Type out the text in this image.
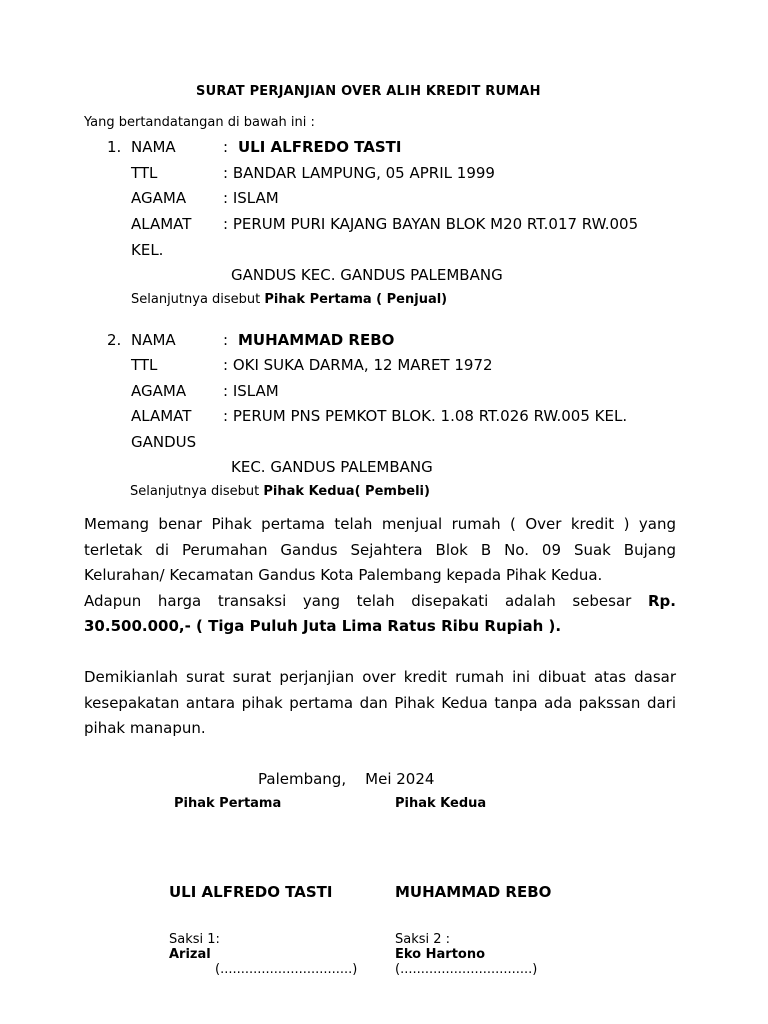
SURAT PERJANJIAN OVER ALIH KREDIT RUMAH
Yang bertandatangan di bawah ini :
1. NAMA	: ULI ALFREDO TASTI
TTL	: BANDAR LAMPUNG, 05 APRIL 1999
AGAMA : ISLAM
ALAMAT : PERUM PURI KAJANG BAYAN BLOK M20 RT.017 RW.005
KEL.
GANDUS KEC. GANDUS PALEMBANG
Selanjutnya disebut Pihak Pertama ( Penjual)
2. NAMA	: MUHAMMAD REBO
TTL	: OKI SUKA DARMA, 12 MARET 1972
AGAMA : ISLAM
ALAMAT : PERUM PNS PEMKOT BLOK. 1.08 RT.026 RW.005 KEL.
GANDUS
KEC. GANDUS PALEMBANG
Selanjutnya disebut Pihak Kedua( Pembeli)
Memang benar Pihak pertama telah menjual rumah ( Over kredit ) yang
terletak di Perumahan Gandus Sejahtera Blok B No. 09 Suak Bujang
Kelurahan/ Kecamatan Gandus Kota Palembang kepada Pihak Kedua.
Adapun harga transaksi yang telah disepakati adalah sebesar Rp.
30.500.000,- ( Tiga Puluh Juta Lima Ratus Ribu Rupiah ).
Demikianlah surat surat perjanjian over kredit rumah ini dibuat atas dasar
kesepakatan antara pihak pertama dan Pihak Kedua tanpa ada pakssan dari
pihak manapun.
Palembang,    Mei 2024
Pihak Pertama	Pihak Kedua
ULI ALFREDO TASTI	MUHAMMAD REBO
Saksi 1:
Arizal
(................................)
Saksi 2 :
Eko Hartono
(................................)
